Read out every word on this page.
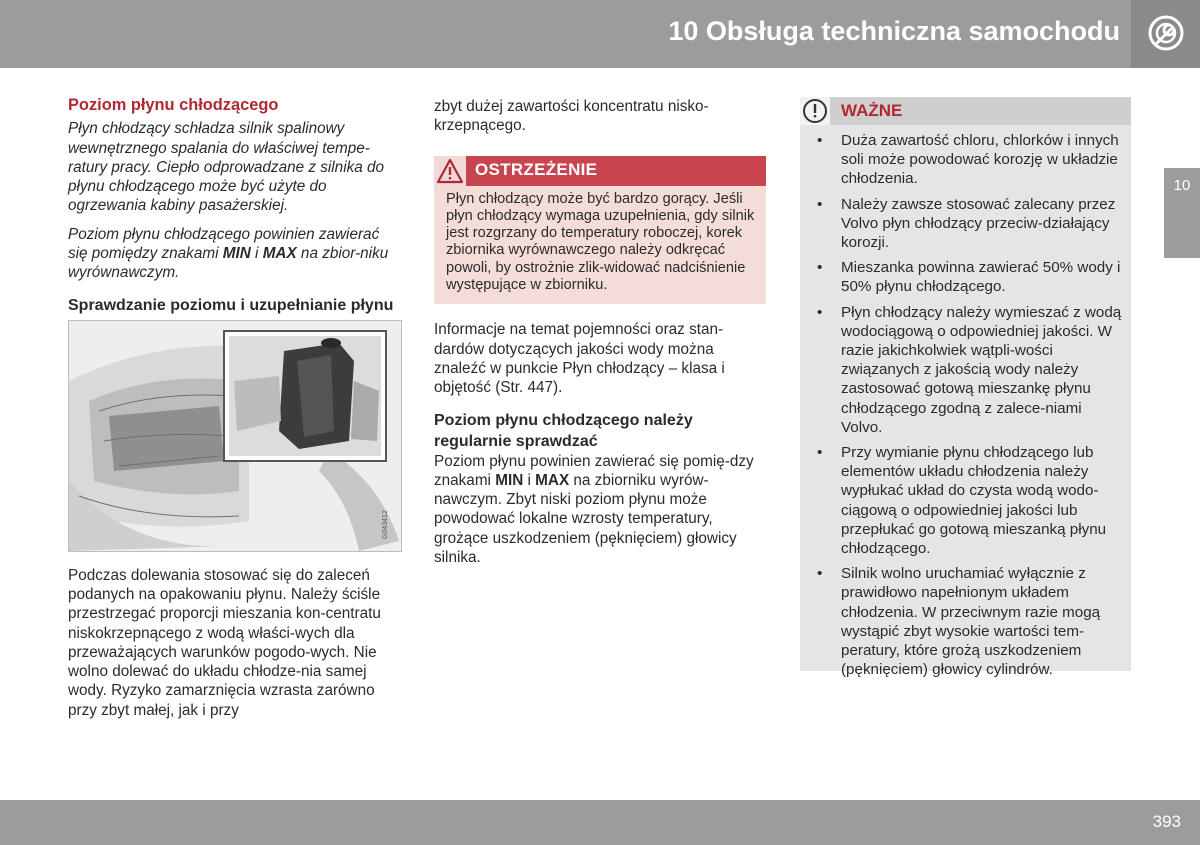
10 Obsługa techniczna samochodu
10
Poziom płynu chłodzącego

Płyn chłodzący schładza silnik spalinowy wewnętrznego spalania do właściwej tempe-ratury pracy. Ciepło odprowadzane z silnika do płynu chłodzącego może być użyte do ogrzewania kabiny pasażerskiej.

Poziom płynu chłodzącego powinien zawierać się pomiędzy znakami MIN i MAX na zbior-niku wyrównawczym.

Sprawdzanie poziomu i uzupełnianie płynu
G043412

Podczas dolewania stosować się do zaleceń podanych na opakowaniu płynu. Należy ściśle przestrzegać proporcji mieszania kon-centratu niskokrzepnącego z wodą właści-wych dla przeważających warunków pogodo-wych. Nie wolno dolewać do układu chłodze-nia samej wody. Ryzyko zamarznięcia wzrasta zarówno przy zbyt małej, jak i przy

zbyt dużej zawartości koncentratu nisko-krzepnącego.

OSTRZEŻENIE
Płyn chłodzący może być bardzo gorący. Jeśli płyn chłodzący wymaga uzupełnienia, gdy silnik jest rozgrzany do temperatury roboczej, korek zbiornika wyrównawczego należy odkręcać powoli, by ostrożnie zlik-widować nadciśnienie występujące w zbiorniku.

Informacje na temat pojemności oraz stan-dardów dotyczących jakości wody można znaleźć w punkcie Płyn chłodzący – klasa i objętość (Str. 447).

Poziom płynu chłodzącego należy regularnie sprawdzać

Poziom płynu powinien zawierać się pomię-dzy znakami MIN i MAX na zbiorniku wyrów-nawczym. Zbyt niski poziom płynu może powodować lokalne wzrosty temperatury, grożące uszkodzeniem (pęknięciem) głowicy silnika.

WAŻNE
• Duża zawartość chloru, chlorków i innych soli może powodować korozję w układzie chłodzenia.
• Należy zawsze stosować zalecany przez Volvo płyn chłodzący przeciw-działający korozji.
• Mieszanka powinna zawierać 50% wody i 50% płynu chłodzącego.
• Płyn chłodzący należy wymieszać z wodą wodociągową o odpowiedniej jakości. W razie jakichkolwiek wątpli-wości związanych z jakością wody należy zastosować gotową mieszankę płynu chłodzącego zgodną z zalece-niami Volvo.
• Przy wymianie płynu chłodzącego lub elementów układu chłodzenia należy wypłukać układ do czysta wodą wodo-ciągową o odpowiedniej jakości lub przepłukać go gotową mieszanką płynu chłodzącego.
• Silnik wolno uruchamiać wyłącznie z prawidłowo napełnionym układem chłodzenia. W przeciwnym razie mogą wystąpić zbyt wysokie wartości tem-peratury, które grożą uszkodzeniem (pęknięciem) głowicy cylindrów.
393
